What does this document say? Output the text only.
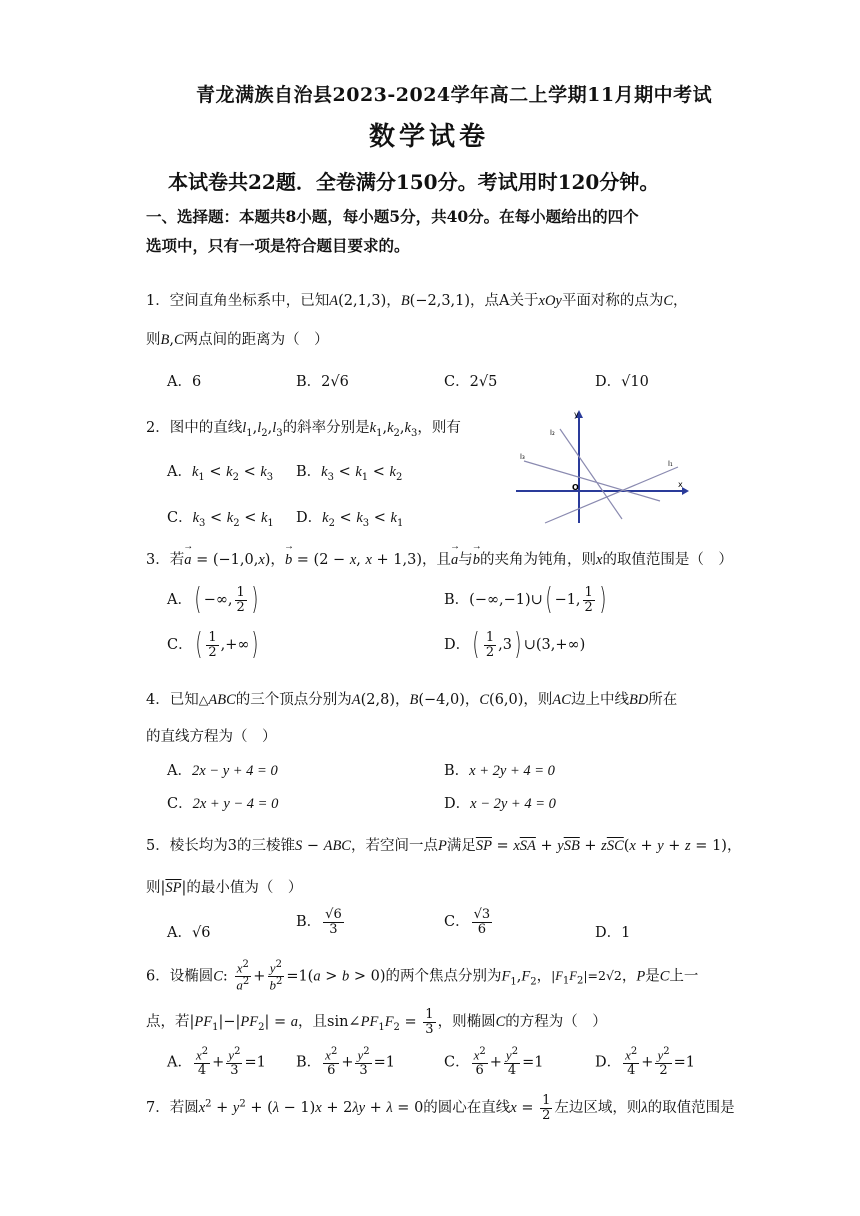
青龙满族自治县2023-2024学年高二上学期11月期中考试
数学试卷
本试卷共22题．全卷满分150分。考试用时120分钟。
一、选择题：本题共8小题，每小题5分，共40分。在每小题给出的四个
选项中，只有一项是符合题目要求的。
1．空间直角坐标系中，已知A(2,1,3)，B(−2,3,1)，点A关于xOy平面对称的点为C，
则B,C两点间的距离为（　）
A．6	B．2√6	C．2√5	D．√10
2．图中的直线$l_1,l_2,l_3$的斜率分别是$k_1,k_2,k_3$，则有
A．$k_1 < k_2 < k_3$ B．$k_3 < k_1 < k_2$
C．$k_3 < k_2 < k_1$ D．$k_2 < k_3 < k_1$
y
x
O
l₁
l₂
l₃
3．若→ a = (−1,0,x)，→ b = (2 − x, x + 1,3)，且→ a与→ b的夹角为钝角，则x的取值范围是（　）
A．( −∞, $\frac{1}{2}$ )	B．(−∞,−1)∪( −1, $\frac{1}{2}$ )
C．( $\frac{1}{2}$ ,+∞)	D．( $\frac{1}{2} ,3$) ∪(3,+∞)
4．已知△ABC的三个顶点分别为A(2,8)，B(−4,0)，C(6,0)，则AC边上中线BD所在
的直线方程为（　）
A．2x − y + 4 = 0	B．x + 2y + 4 = 0
C．2x + y − 4 = 0	D．x − 2y + 4 = 0
5．棱长均为3的三棱锥S − ABC，若空间一点P满足$\overline{SP} = x\overline{SA} + y\overline{SB} + z\overline{SC}(x + y + z = 1)$，
则$|\overline{SP}|$的最小值为（　）
A．√6
B． $\frac{√6}{3}$	C． $\frac{√3}{6}$	D．1
6．设椭圆C: $\frac{x^2}{a^2} + \frac{y^2}{b^2} =1(a > b > 0)$的两个焦点分别为$F_1,F_2$，$|F_1F_2|=2√2$，P是C上一
点，若$|PF_1|-|PF_2| = a$，且$\sin\angle PF_1F_2 = \frac{1}{3}$ ，则椭圆C的方程为（　）
A． $\frac{x^2}{4} + \frac{y^2}{3} =1$ B． $\frac{x^2}{6} + \frac{y^2}{3} =1$	C． $\frac{x^2}{6} + \frac{y^2}{4} =1$	D． $\frac{x^2}{4} + \frac{y^2}{2} =1$
7．若圆$x^2 + y^2 + (\lambda - 1)x + 2\lambda y + \lambda = 0$的圆心在直线$x = \frac{1}{2}$ 左边区域，则λ的取值范围是
